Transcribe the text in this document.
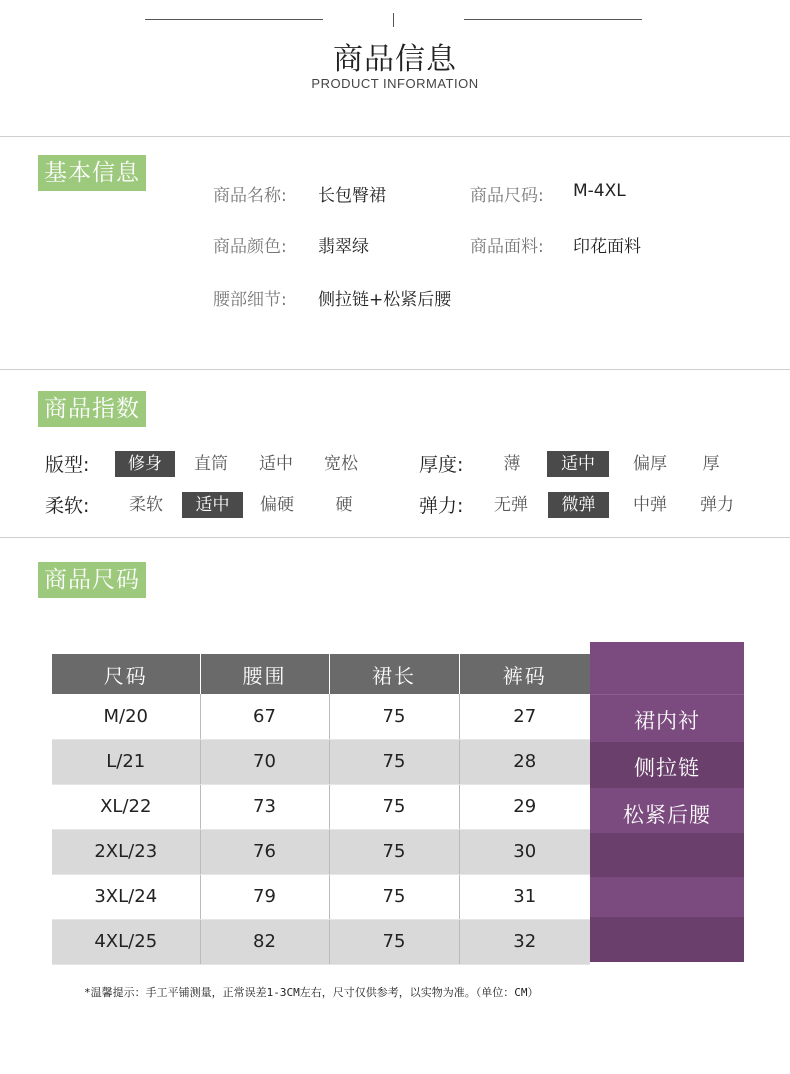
商品信息
PRODUCT INFORMATION
基本信息
商品名称: 长包臀裙	商品尺码: M-4XL
商品颜色: 翡翠绿	商品面料: 印花面料
腰部细节: 侧拉链+松紧后腰
商品指数
版型:	修身	直筒	适中	宽松	厚度:	薄	适中	偏厚	厚
柔软:	柔软	适中	偏硬	硬	弹力:	无弹	微弹	中弹	弹力
商品尺码
裙内衬
侧拉链
松紧后腰
尺码	腰围	裙长	裤码
M/20	67	75	27
L/21	70	75	28
XL/22	73	75	29
2XL/23	76	75	30
3XL/24	79	75	31
4XL/25	82	75	32
*温馨提示：手工平铺测量，正常误差1-3CM左右，尺寸仅供参考，以实物为准。（单位：CM）
